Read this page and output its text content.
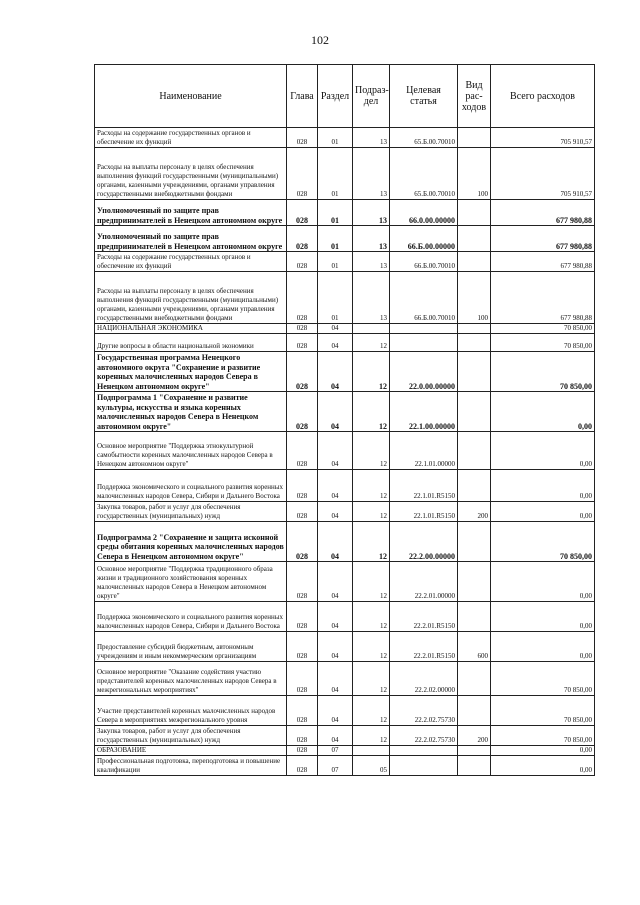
102
Наименование	Глава	Раздел	Подраз-дел	Целевая статья	Вид рас-ходов	Всего расходов
Расходы на содержание государственных органов и обеспечение их функций	028	01	13	65.Б.00.70010		705 910,57
Расходы на выплаты персоналу в целях обеспечения выполнения функций государственными (муниципальными) органами, казенными учреждениями, органами управления государственными внебюджетными фондами	028	01	13	65.Б.00.70010	100	705 910,57
Уполномоченный по защите прав предпринимателей в Ненецком автономном округе	028	01	13	66.0.00.00000		677 980,88
Уполномоченный по защите прав предпринимателей в Ненецком автономном округе	028	01	13	66.Б.00.00000		677 980,88
Расходы на содержание государственных органов и обеспечение их функций	028	01	13	66.Б.00.70010		677 980,88
Расходы на выплаты персоналу в целях обеспечения выполнения функций государственными (муниципальными) органами, казенными учреждениями, органами управления государственными внебюджетными фондами	028	01	13	66.Б.00.70010	100	677 980,88
НАЦИОНАЛЬНАЯ ЭКОНОМИКА	028	04				70 850,00
Другие вопросы в области национальной экономики	028	04	12			70 850,00
Государственная программа Ненецкого автономного округа "Сохранение и развитие коренных малочисленных народов Севера в Ненецком автономном округе"	028	04	12	22.0.00.00000		70 850,00
Подпрограмма 1 "Сохранение и развитие культуры, искусства и языка коренных малочисленных народов Севера в Ненецком автономном округе"	028	04	12	22.1.00.00000		0,00
Основное мероприятие "Поддержка этнокультурной самобытности коренных малочисленных народов Севера в Ненецком автономном округе"	028	04	12	22.1.01.00000		0,00
Поддержка экономического и социального развития коренных малочисленных народов Севера, Сибири и Дальнего Востока	028	04	12	22.1.01.R5150		0,00
Закупка товаров, работ и услуг для обеспечения государственных (муниципальных) нужд	028	04	12	22.1.01.R5150	200	0,00
Подпрограмма 2 "Сохранение и защита исконной среды обитания коренных малочисленных народов Севера в Ненецком автономном округе"	028	04	12	22.2.00.00000		70 850,00
Основное мероприятие "Поддержка традиционного образа жизни и традиционного хозяйствования коренных малочисленных народов Севера в Ненецком автономном округе"	028	04	12	22.2.01.00000		0,00
Поддержка экономического и социального развития коренных малочисленных народов Севера, Сибири и Дальнего Востока	028	04	12	22.2.01.R5150		0,00
Предоставление субсидий бюджетным, автономным учреждениям и иным некоммерческим организациям	028	04	12	22.2.01.R5150	600	0,00
Основное мероприятие "Оказание содействия участию представителей коренных малочисленных народов Севера в межрегиональных мероприятиях"	028	04	12	22.2.02.00000		70 850,00
Участие представителей коренных малочисленных народов Севера в мероприятиях межрегионального уровня	028	04	12	22.2.02.75730		70 850,00
Закупка товаров, работ и услуг для обеспечения государственных (муниципальных) нужд	028	04	12	22.2.02.75730	200	70 850,00
ОБРАЗОВАНИЕ	028	07				0,00
Профессиональная подготовка, переподготовка и повышение квалификации	028	07	05			0,00
